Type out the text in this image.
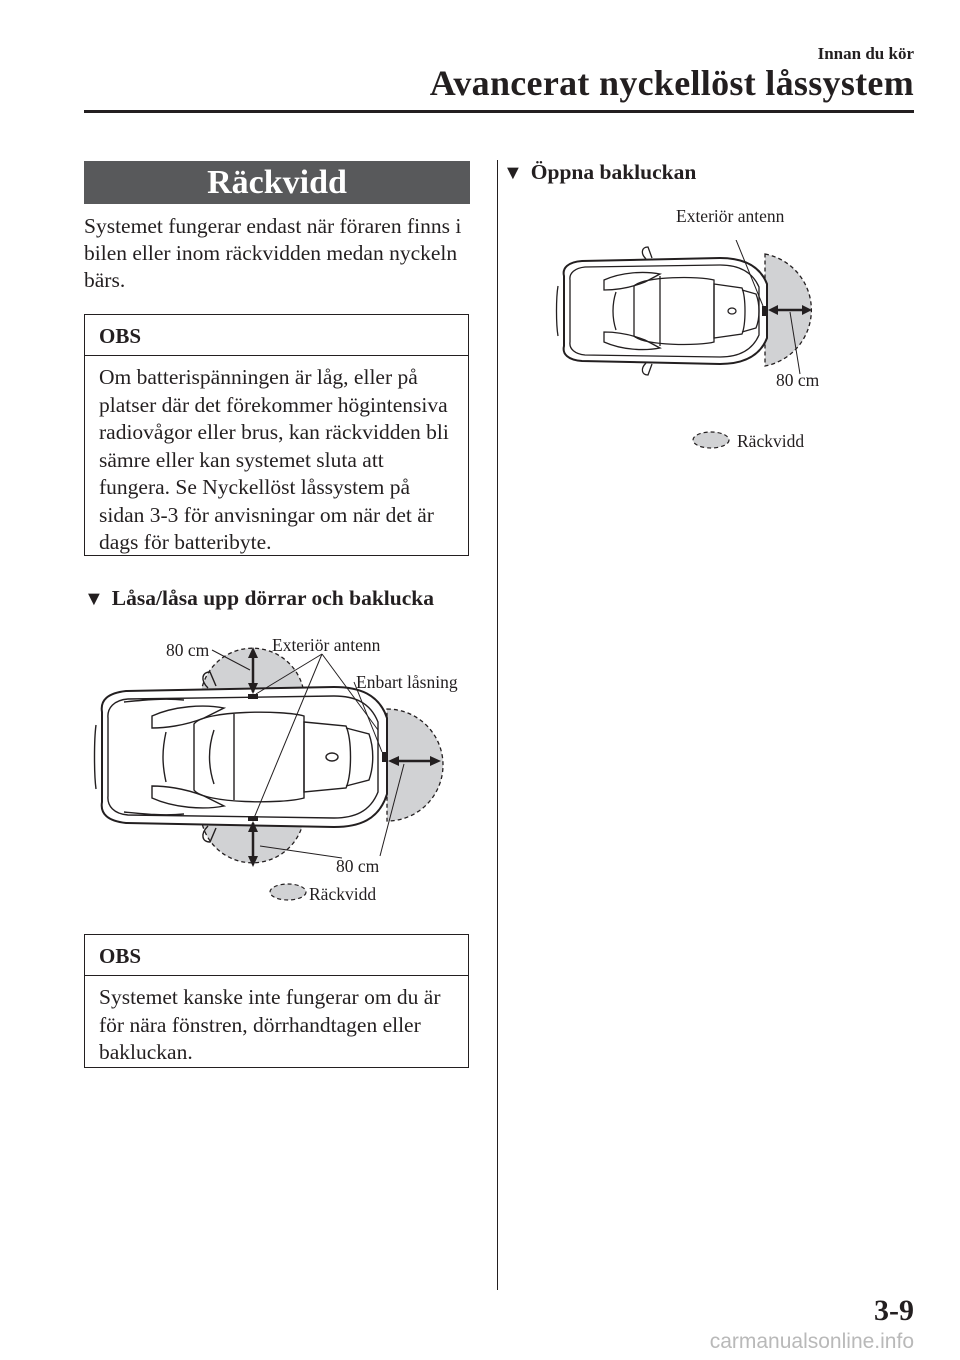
Innan du kör
Avancerat nyckellöst låssystem
Räckvidd

Systemet fungerar endast när föraren finns i bilen eller inom räckvidden medan nyckeln bärs.

OBS

Om batterispänningen är låg, eller på platser där det förekommer högintensiva radiovågor eller brus, kan räckvidden bli sämre eller kan systemet sluta att fungera. Se Nyckellöst låssystem på sidan 3-3 för anvisningar om när det är dags för batteribyte.

▼ Låsa/låsa upp dörrar och baklucka
80 cm	Exteriör antenn
Enbart låsning
80 cm
Räckvidd
OBS

Systemet kanske inte fungerar om du är för nära fönstren, dörrhandtagen eller bakluckan.

▼ Öppna bakluckan
Exteriör antenn
80 cm
Räckvidd
3-9
carmanualsonline.info
